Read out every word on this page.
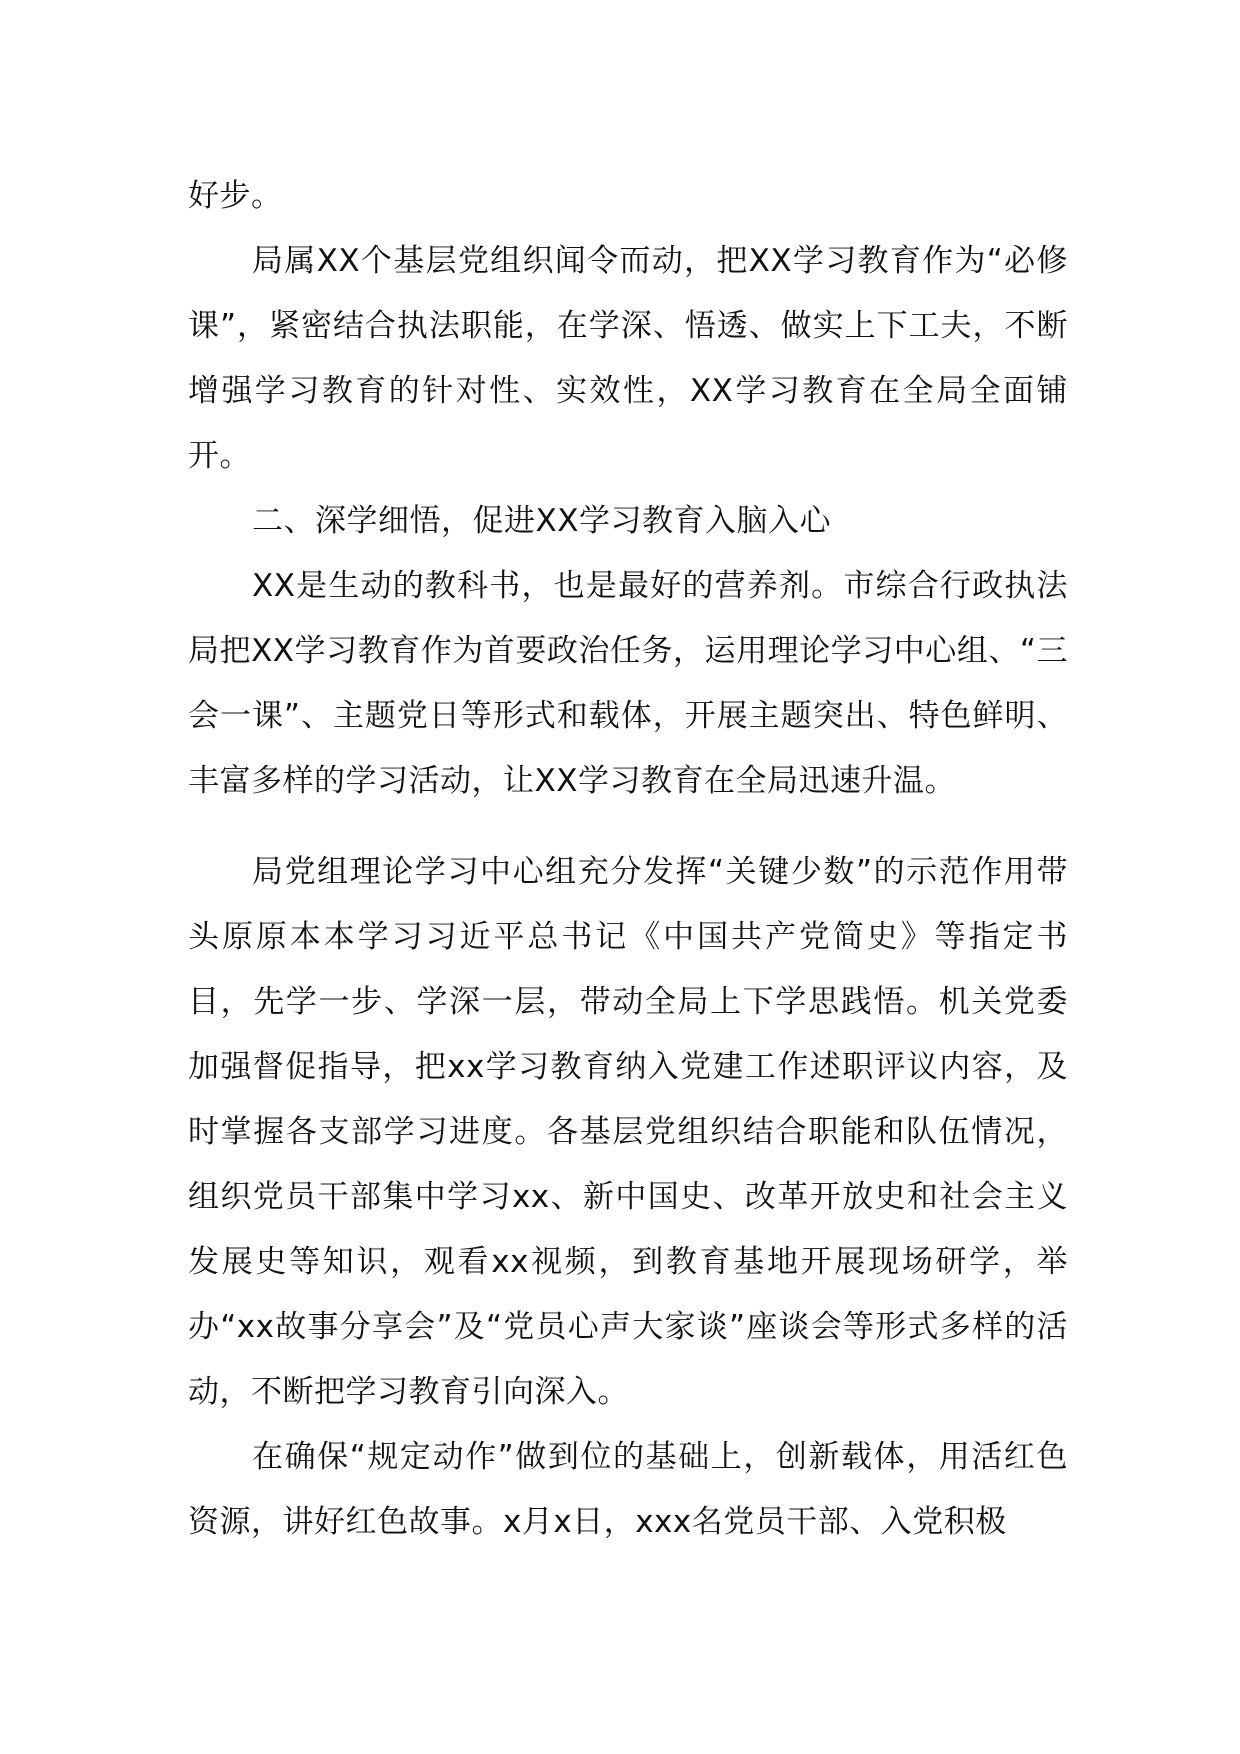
好步。

局属XX个基层党组织闻令而动，把XX学习教育作为“必修课”，紧密结合执法职能，在学深、悟透、做实上下工夫，不断增强学习教育的针对性、实效性，XX学习教育在全局全面铺开。

二、深学细悟，促进XX学习教育入脑入心

XX是生动的教科书，也是最好的营养剂。市综合行政执法局把XX学习教育作为首要政治任务，运用理论学习中心组、“三会一课”、主题党日等形式和载体，开展主题突出、特色鲜明、丰富多样的学习活动，让XX学习教育在全局迅速升温。

局党组理论学习中心组充分发挥“关键少数”的示范作用带头原原本本学习习近平总书记《中国共产党简史》等指定书目，先学一步、学深一层，带动全局上下学思践悟。机关党委加强督促指导，把xx学习教育纳入党建工作述职评议内容，及时掌握各支部学习进度。各基层党组织结合职能和队伍情况，组织党员干部集中学习xx、新中国史、改革开放史和社会主义发展史等知识，观看xx视频，到教育基地开展现场研学，举办“xx故事分享会”及“党员心声大家谈”座谈会等形式多样的活动，不断把学习教育引向深入。

在确保“规定动作”做到位的基础上，创新载体，用活红色资源，讲好红色故事。x月x日，xxx名党员干部、入党积极
